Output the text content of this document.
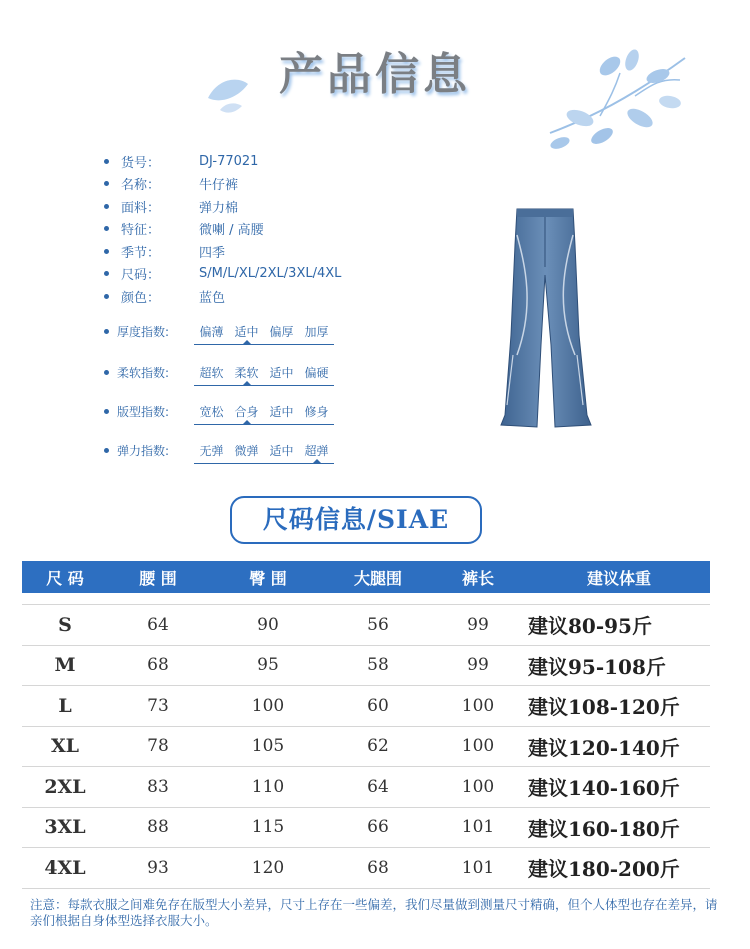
产品信息
货号：	DJ-77021
名称：	牛仔裤
面料：	弹力棉
特征：	微喇 / 高腰
季节：	四季
尺码：	S/M/L/XL/2XL/3XL/4XL
颜色：	蓝色
厚度指数:	偏薄 适中 偏厚 加厚
柔软指数:	超软 柔软 适中 偏硬
版型指数:	宽松 合身 适中 修身
弹力指数:	无弹 微弹 适中 超弹
尺码信息/SIAE
尺 码	腰 围	臀 围	大腿围	裤长	建议体重
S	64	90	56	99	建议80-95斤
M	68	95	58	99	建议95-108斤
L	73	100	60	100	建议108-120斤
XL	78	105	62	100	建议120-140斤
2XL	83	110	64	100	建议140-160斤
3XL	88	115	66	101	建议160-180斤
4XL	93	120	68	101	建议180-200斤
注意：每款衣服之间难免存在版型大小差异，尺寸上存在一些偏差，我们尽量做到测量尺寸精确，但个人体型也存在差异，请亲们根据自身体型选择衣服大小。
